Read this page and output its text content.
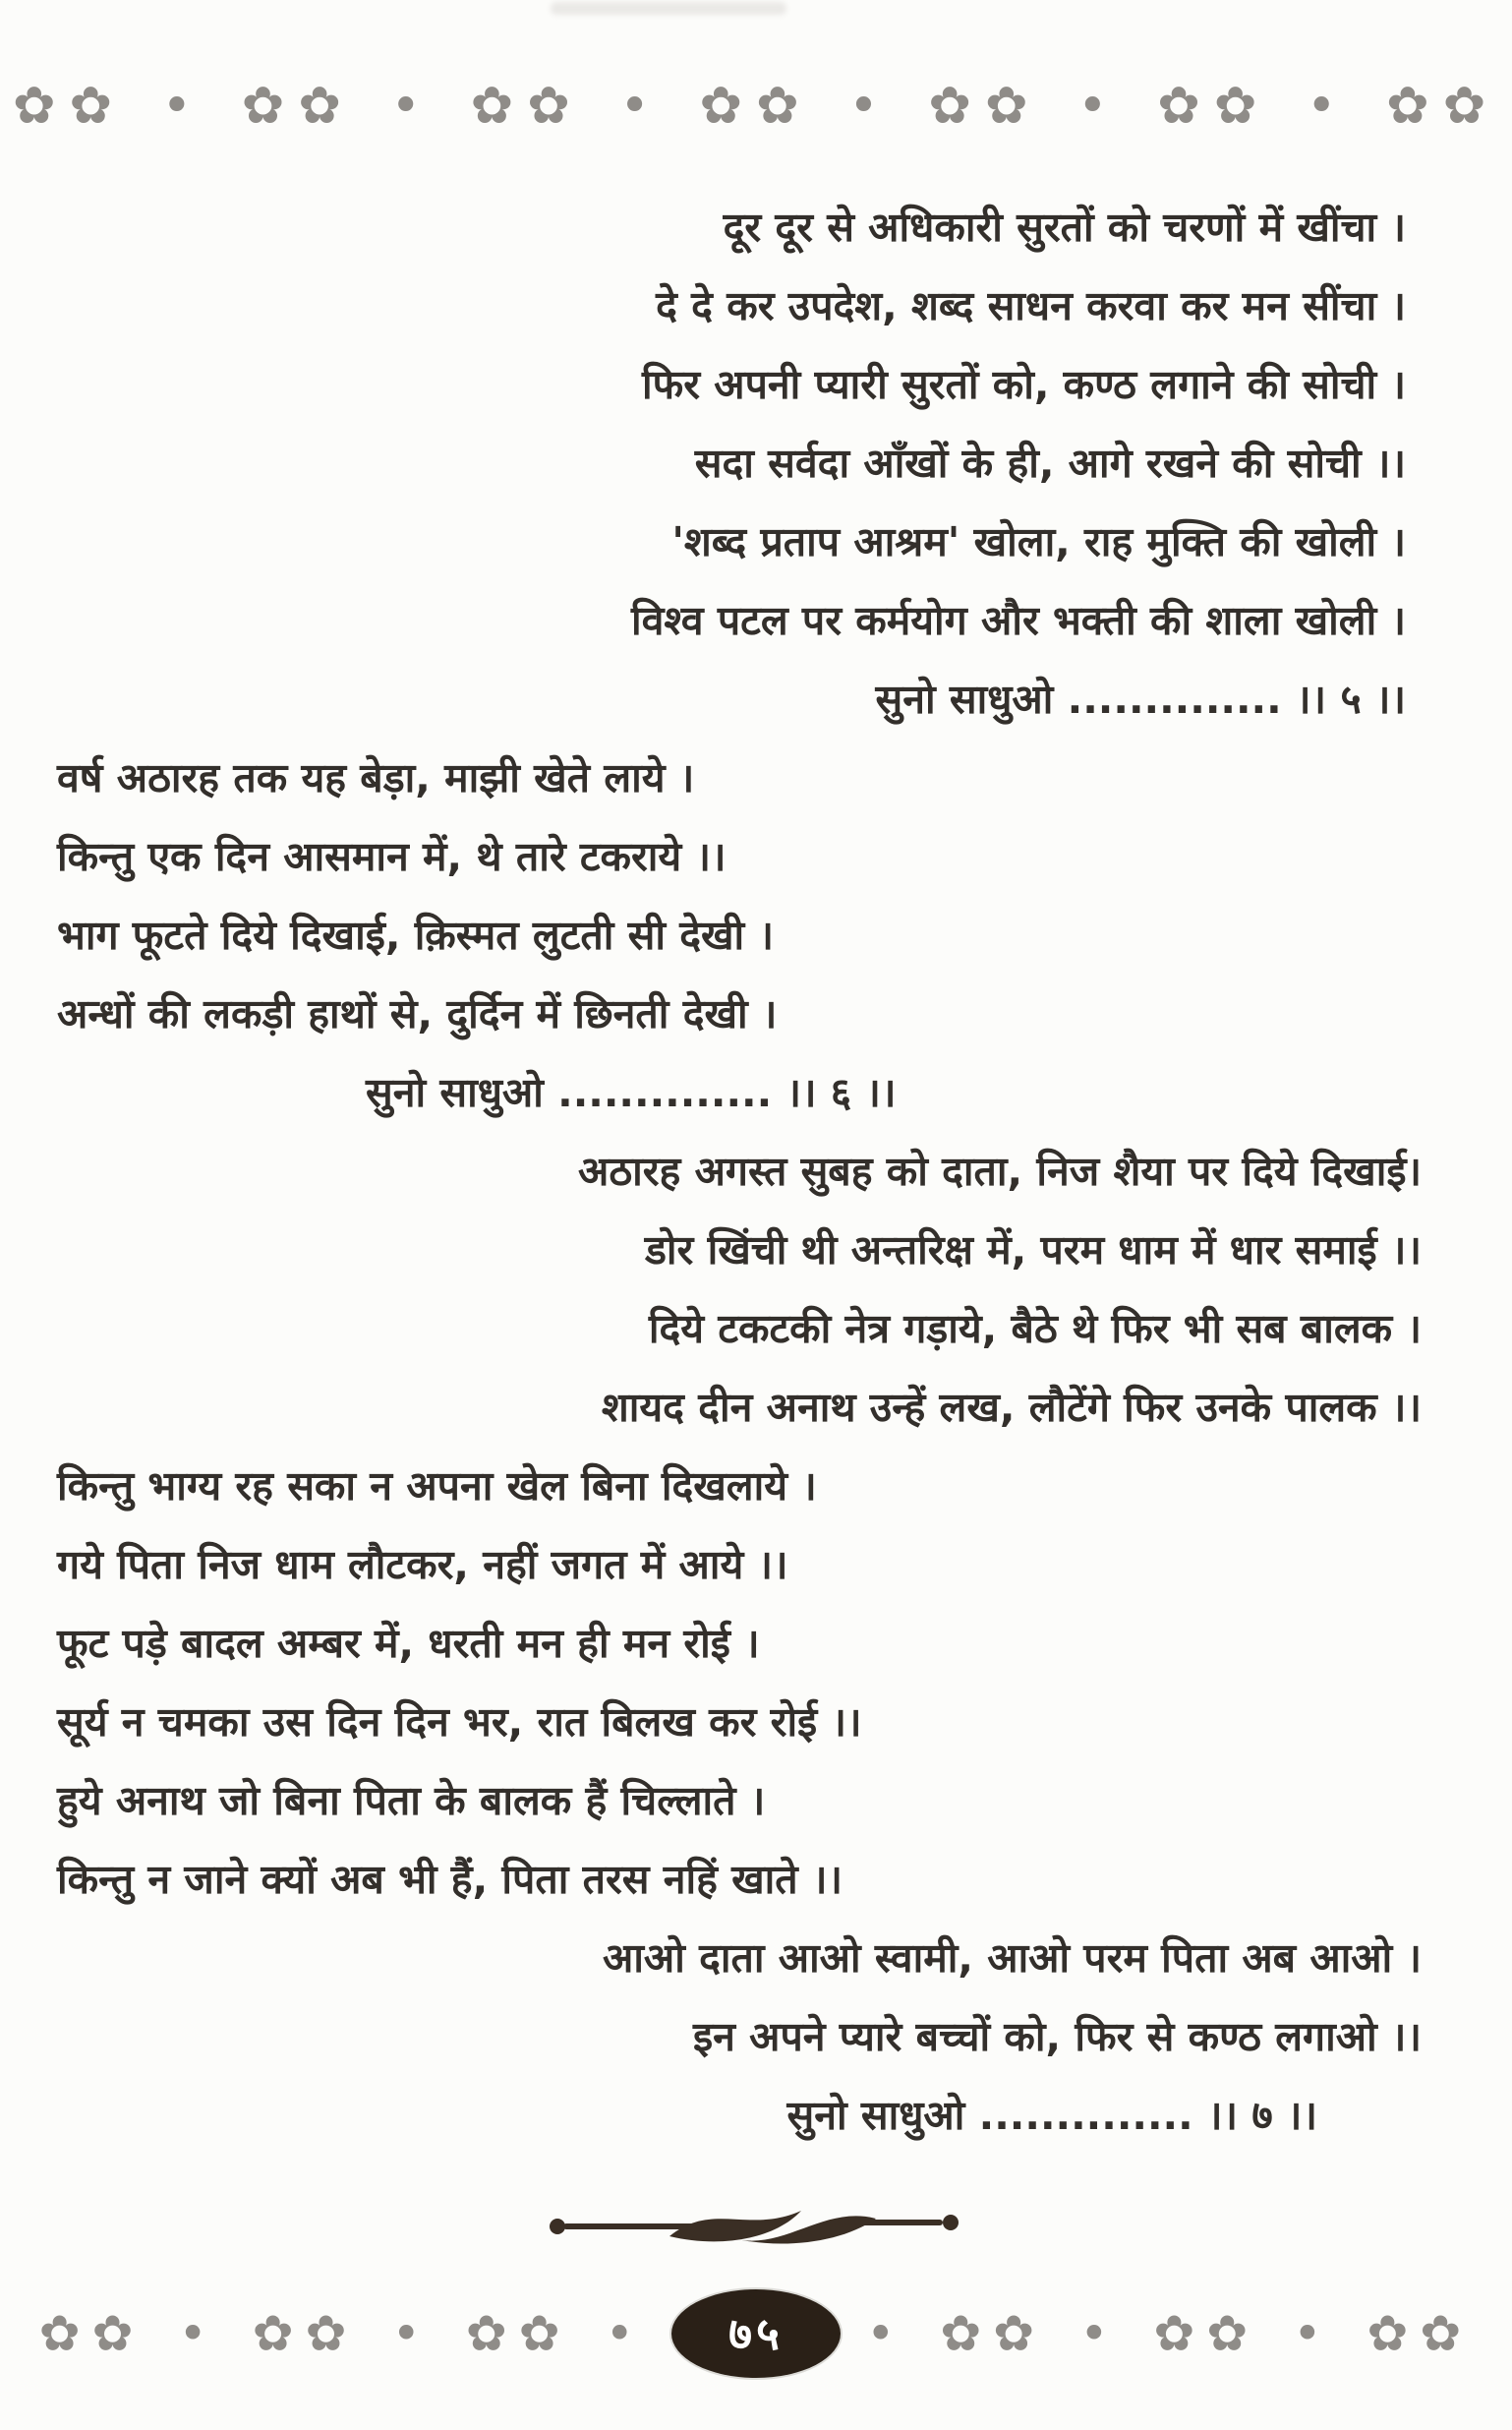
✿✿ • ✿✿ • ✿✿ • ✿✿ • ✿✿ • ✿✿ • ✿✿
दूर दूर से अधिकारी सुरतों को चरणों में खींचा ।
दे दे कर उपदेश, शब्द साधन करवा कर मन सींचा ।
फिर अपनी प्यारी सुरतों को, कण्ठ लगाने की सोची ।
सदा सर्वदा आँखों के ही, आगे रखने की सोची ।।
'शब्द प्रताप आश्रम' खोला, राह मुक्ति की खोली ।
विश्व पटल पर कर्मयोग और भक्ती की शाला खोली ।
सुनो साधुओ .............. ।। ५ ।।
वर्ष अठारह तक यह बेड़ा, माझी खेते लाये ।
किन्तु एक दिन आसमान में, थे तारे टकराये ।।
भाग फूटते दिये दिखाई, क़िस्मत लुटती सी देखी ।
अन्धों की लकड़ी हाथों से, दुर्दिन में छिनती देखी ।
सुनो साधुओ .............. ।। ६ ।।
अठारह अगस्त सुबह को दाता, निज शैया पर दिये दिखाई।
डोर खिंची थी अन्तरिक्ष में, परम धाम में धार समाई ।।
दिये टकटकी नेत्र गड़ाये, बैठे थे फिर भी सब बालक ।
शायद दीन अनाथ उन्हें लख, लौटेंगे फिर उनके पालक ।।
किन्तु भाग्य रह सका न अपना खेल बिना दिखलाये ।
गये पिता निज धाम लौटकर, नहीं जगत में आये ।।
फूट पड़े बादल अम्बर में, धरती मन ही मन रोई ।
सूर्य न चमका उस दिन दिन भर, रात बिलख कर रोई ।।
हुये अनाथ जो बिना पिता के बालक हैं चिल्लाते ।
किन्तु न जाने क्यों अब भी हैं, पिता तरस नहिं खाते ।।
आओ दाता आओ स्वामी, आओ परम पिता अब आओ ।
इन अपने प्यारे बच्चों को, फिर से कण्ठ लगाओ ।।
सुनो साधुओ .............. ।। ७ ।।
✿✿ • ✿✿ • ✿✿ •	७५	• ✿✿ • ✿✿ • ✿✿
